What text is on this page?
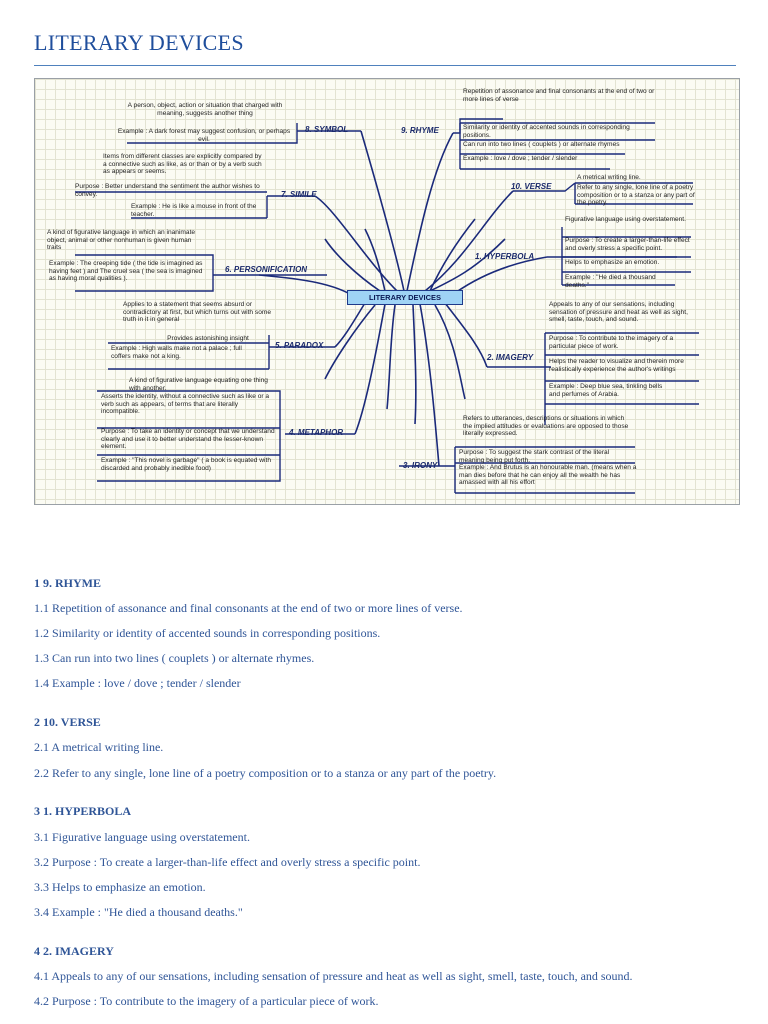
LITERARY DEVICES
LITERARY DEVICES
8. SYMBOL
A person, object, action or situation that charged with meaning, suggests another thing
Example : A dark forest may suggest confusion, or perhaps evil.
9. RHYME
Repetition of assonance and final consonants at the end of two or more lines of verse
Similarity or identity of accented sounds in corresponding positions.
Can run into two lines ( couplets ) or alternate rhymes
Example : love / dove ; tender / slender
7. SIMILE
Items from different classes are explicitly compared by a connective such as like, as or than or by a verb such as appears or seems.
Purpose : Better understand the sentiment the author wishes to convey.
Example : He is like a mouse in front of the teacher.
10. VERSE
A metrical writing line.
Refer to any single, lone line of a poetry composition or to a stanza or any part of the poetry.
6. PERSONIFICATION
A kind of figurative language in which an inanimate object, animal or other nonhuman is given human traits
Example : The creeping tide ( the tide is imagined as having feet ) and The cruel sea ( the sea is imagined as having moral qualities ).
1. HYPERBOLA
Figurative language using overstatement.
Purpose : To create a larger-than-life effect and overly stress a specific point.
Helps to emphasize an emotion.
Example : "He died a thousand deaths."
5. PARADOX
Applies to a statement that seems absurd or contradictory at first, but which turns out with some truth in it in general
Provides astonishing insight
Example : High walls make not a palace ; full coffers make not a king.	2. IMAGERY
Appeals to any of our sensations, including sensation of pressure and heat as well as sight, smell, taste, touch, and sound.
Purpose : To contribute to the imagery of a particular piece of work.
Helps the reader to visualize and therein more realistically experience the author's writings
Example : Deep blue sea, tinkling bells and perfumes of Arabia.
4. METAPHOR
A kind of figurative language equating one thing with another.
Asserts the identity, without a connective such as like or a verb such as appears, of terms that are literally incompatible.
Purpose : To take an identity or concept that we understand clearly and use it to better understand the lesser-known element.
Example : "This novel is garbage" ( a book is equated with discarded and probably inedible food)	3. IRONY
Refers to utterances, descriptions or situations in which the implied attitudes or evaluations are opposed to those literally expressed.
Purpose : To suggest the stark contrast of the literal meaning being put forth.
Example : And Brutus is an honourable man. (means when a man dies before that he can enjoy all the wealth he has amassed with all his effort
1 9. RHYME
1.1 Repetition of assonance and final consonants at the end of two or more lines of verse.
1.2 Similarity or identity of accented sounds in corresponding positions.
1.3 Can run into two lines ( couplets ) or alternate rhymes.
1.4 Example : love / dove ; tender / slender
2 10. VERSE
2.1 A metrical writing line.
2.2 Refer to any single, lone line of a poetry composition or to a stanza or any part of the poetry.
3 1. HYPERBOLA
3.1 Figurative language using overstatement.
3.2 Purpose : To create a larger-than-life effect and overly stress a specific point.
3.3 Helps to emphasize an emotion.
3.4 Example : "He died a thousand deaths."
4 2. IMAGERY
4.1 Appeals to any of our sensations, including sensation of pressure and heat as well as sight, smell, taste, touch, and sound.
4.2 Purpose : To contribute to the imagery of a particular piece of work.
